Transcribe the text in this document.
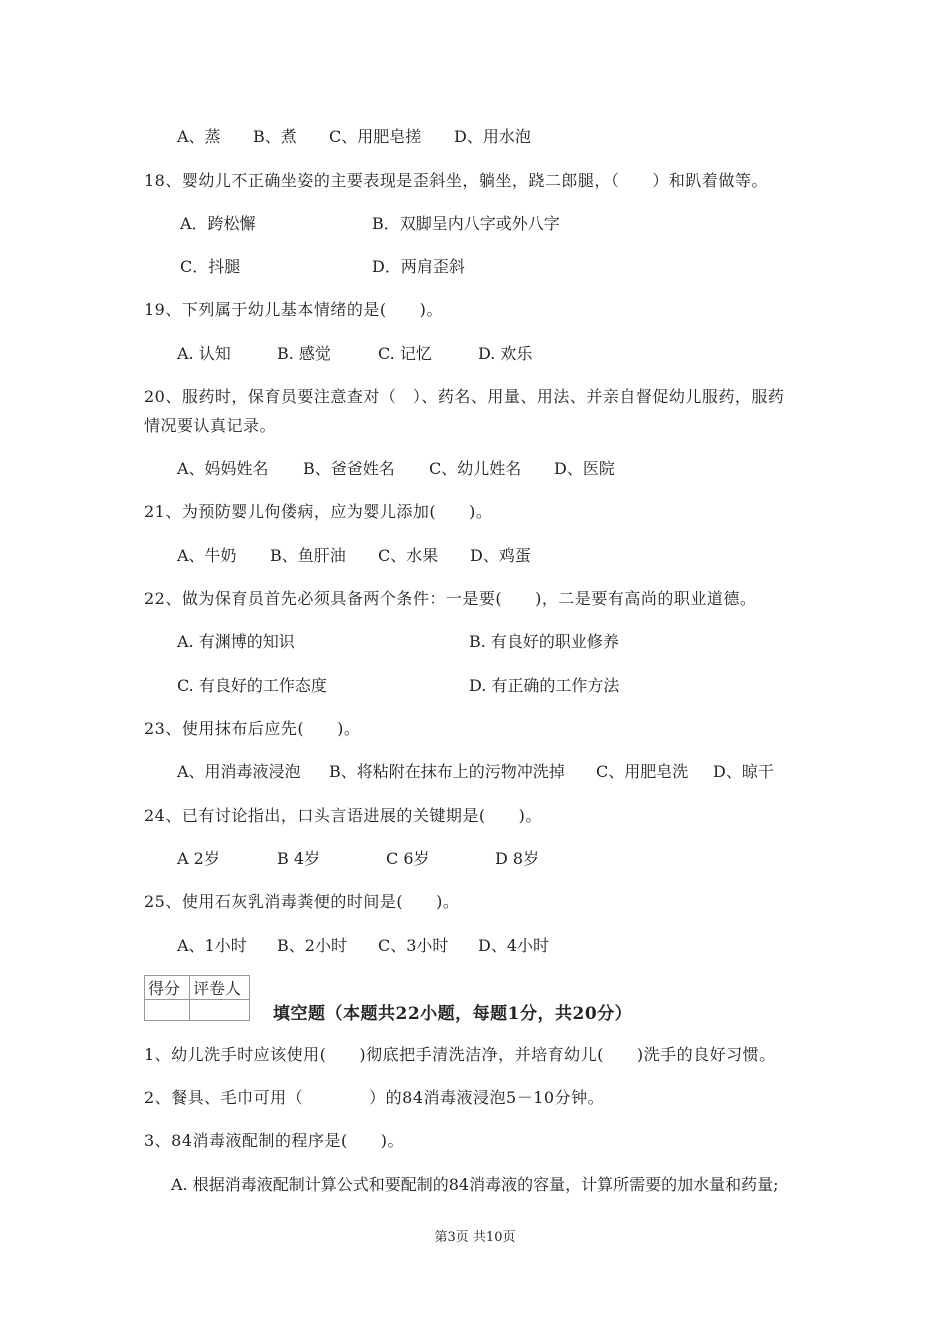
A、蒸 B、煮 C、用肥皂搓 D、用水泡
18、婴幼儿不正确坐姿的主要表现是歪斜坐，躺坐，跷二郎腿，（　　）和趴着做等。
A．跨松懈	B．双脚呈内八字或外八字
C．抖腿	D．两肩歪斜
19、下列属于幼儿基本情绪的是(　　)。
A. 认知	B. 感觉	C. 记忆	D. 欢乐
20、服药时，保育员要注意查对（　）、药名、用量、用法、并亲自督促幼儿服药，服药
情况要认真记录。
A、妈妈姓名 B、爸爸姓名 C、幼儿姓名 D、医院
21、为预防婴儿佝偻病，应为婴儿添加(　　)。
A、牛奶 B、鱼肝油 C、水果 D、鸡蛋
22、做为保育员首先必须具备两个条件：一是要(　　)，二是要有高尚的职业道德。
A. 有渊博的知识	B. 有良好的职业修养
C. 有良好的工作态度	D. 有正确的工作方法
23、使用抹布后应先(　　)。
A、用消毒液浸泡 B、将粘附在抹布上的污物冲洗掉 C、用肥皂洗 D、晾干
24、已有讨论指出，口头言语进展的关键期是(　　)。
A 2岁	B 4岁	C 6岁	D 8岁
25、使用石灰乳消毒粪便的时间是(　　)。
A、1小时 B、2小时 C、3小时 D、4小时
得分	评卷人

填空题（本题共22小题，每题1分，共20分）
1、幼儿洗手时应该使用(　　)彻底把手清洗洁净，并培育幼儿(　　)洗手的良好习惯。
2、餐具、毛巾可用（　　　　）的84消毒液浸泡5－10分钟。
3、84消毒液配制的程序是(　　)。
A. 根据消毒液配制计算公式和要配制的84消毒液的容量，计算所需要的加水量和药量;
第3页 共10页
